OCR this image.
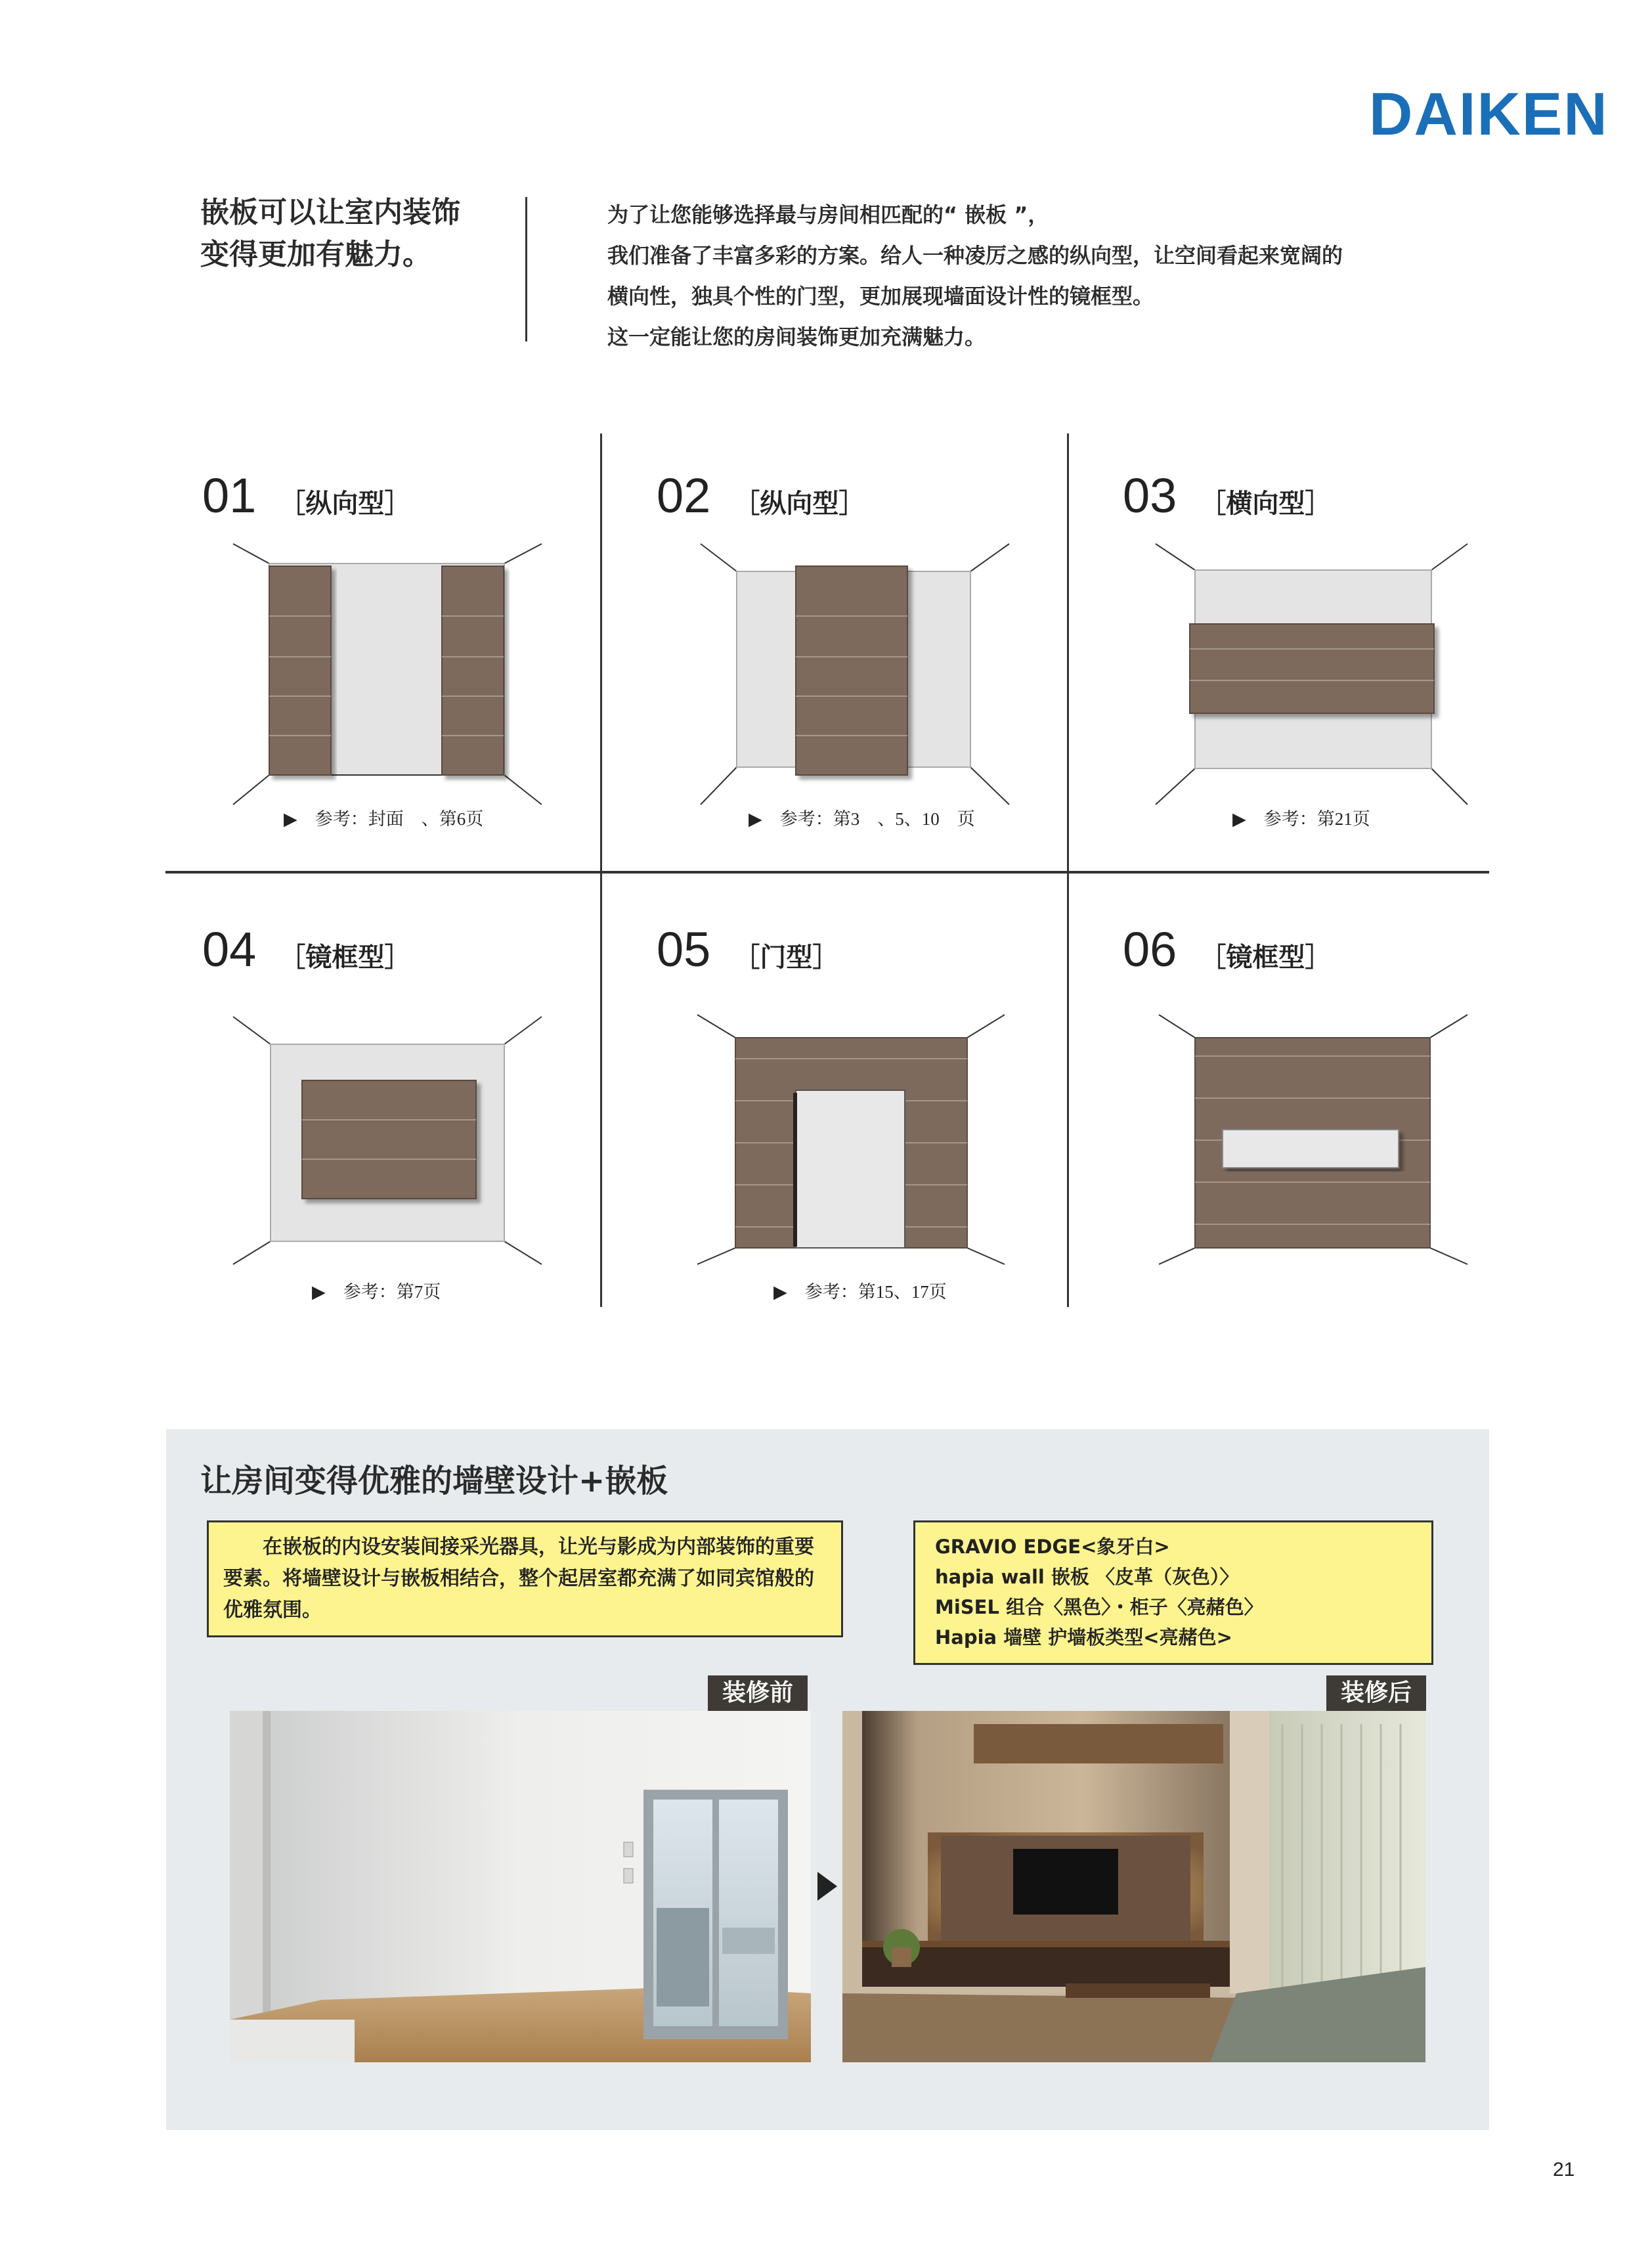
DAIKEN
嵌板可以让室内装饰
变得更加有魅力。
为了让您能够选择最与房间相匹配的“ 嵌板 ”，
我们准备了丰富多彩的方案。给人一种凌厉之感的纵向型，让空间看起来宽阔的
横向性，独具个性的门型，更加展现墙面设计性的镜框型。
这一定能让您的房间装饰更加充满魅力。
01 ［纵向型］	02 ［纵向型］	03 ［横向型］
04 ［镜框型］	05 ［门型］	06 ［镜框型］
▶　参考：封面　、第6页	▶　参考：第3　、5、10　页	▶　参考：第21页
▶　参考：第7页	▶　参考：第15、17页
让房间变得优雅的墙壁设计+嵌板
在嵌板的内设安装间接采光器具，让光与影成为内部装饰的重要要素。将墙壁设计与嵌板相结合，整个起居室都充满了如同宾馆般的优雅氛围。
GRAVIO EDGE<象牙白>
hapia wall 嵌板 〈皮革（灰色）〉
MiSEL 组合〈黑色〉・柜子〈亮赭色〉
Hapia 墙壁 护墙板类型<亮赭色>
装修前	装修后
21
